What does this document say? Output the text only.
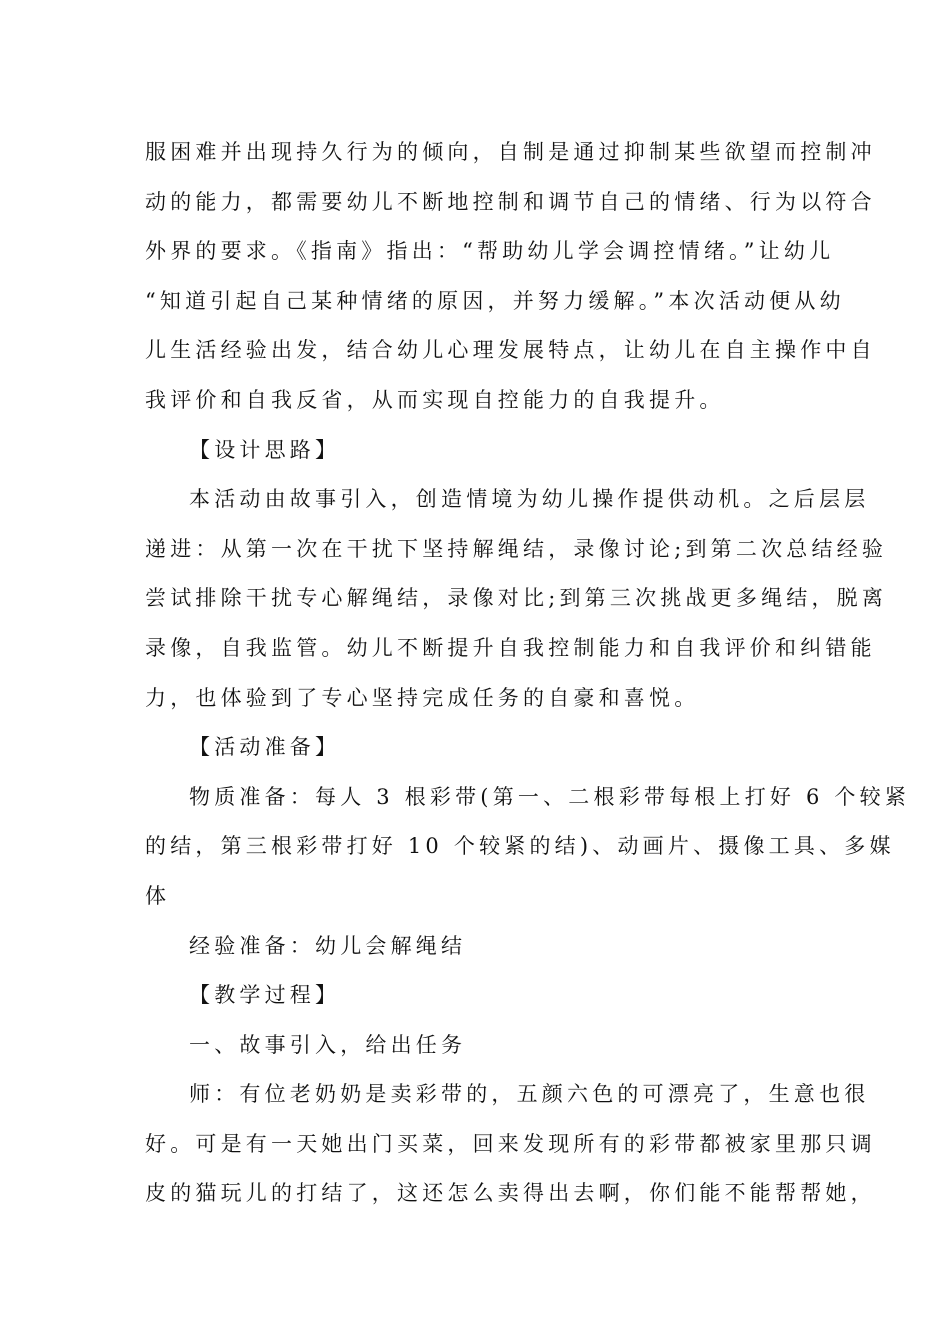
服困难并出现持久行为的倾向，自制是通过抑制某些欲望而控制冲
动的能力，都需要幼儿不断地控制和调节自己的情绪、行为以符合
外界的要求。《指南》指出：“帮助幼儿学会调控情绪。”让幼儿
“知道引起自己某种情绪的原因，并努力缓解。”本次活动便从幼
儿生活经验出发，结合幼儿心理发展特点，让幼儿在自主操作中自
我评价和自我反省，从而实现自控能力的自我提升。
【设计思路】
本活动由故事引入，创造情境为幼儿操作提供动机。之后层层
递进：从第一次在干扰下坚持解绳结，录像讨论;到第二次总结经验
尝试排除干扰专心解绳结，录像对比;到第三次挑战更多绳结，脱离
录像，自我监管。幼儿不断提升自我控制能力和自我评价和纠错能
力，也体验到了专心坚持完成任务的自豪和喜悦。
【活动准备】
物质准备：每人 3 根彩带(第一、二根彩带每根上打好 6 个较紧
的结，第三根彩带打好 10 个较紧的结)、动画片、摄像工具、多媒
体
经验准备：幼儿会解绳结
【教学过程】
一、故事引入，给出任务
师：有位老奶奶是卖彩带的，五颜六色的可漂亮了，生意也很
好。可是有一天她出门买菜，回来发现所有的彩带都被家里那只调
皮的猫玩儿的打结了，这还怎么卖得出去啊，你们能不能帮帮她，
